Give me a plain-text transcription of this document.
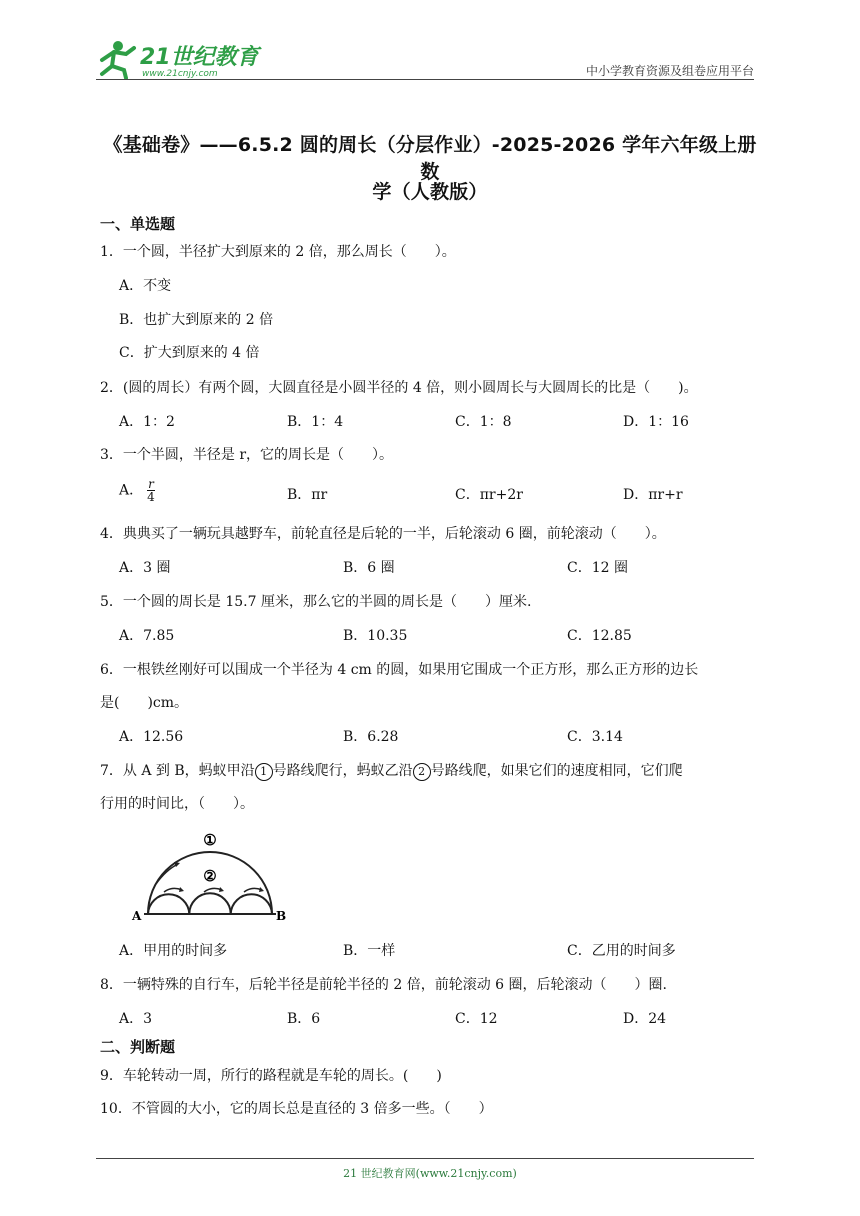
21世纪教育
www.21cnjy.com	中小学教育资源及组卷应用平台
《基础卷》——6.5.2 圆的周长（分层作业）-2025-2026 学年六年级上册数
学（人教版）
一、单选题
1．一个圆，半径扩大到原来的 2 倍，那么周长（　　）。
A．不变
B．也扩大到原来的 2 倍
C．扩大到原来的 4 倍
2．(圆的周长）有两个圆，大圆直径是小圆半径的 4 倍，则小圆周长与大圆周长的比是（　　)。
A．1：2	B．1：4	C．1：8	D．1：16
3．一个半圆，半径是 r，它的周长是（　　）。
A． $\frac{r}{4}$	B．πr	C．πr+2r	D．πr+r
4．典典买了一辆玩具越野车，前轮直径是后轮的一半，后轮滚动 6 圈，前轮滚动（　　）。
A．3 圈	B．6 圈	C．12 圈
5．一个圆的周长是 15.7 厘米，那么它的半圆的周长是（　　）厘米.
A．7.85	B．10.35	C．12.85
6．一根铁丝刚好可以围成一个半径为 4 cm 的圆，如果用它围成一个正方形，那么正方形的边长
是(　　)cm。
A．12.56	B．6.28	C．3.14
7．从 A 到 B，蚂蚁甲沿 1 号路线爬行，蚂蚁乙沿 2 号路线爬，如果它们的速度相同，它们爬
行用的时间比，（　　）。
①
②
A	B
A．甲用的时间多	B．一样	C．乙用的时间多
8．一辆特殊的自行车，后轮半径是前轮半径的 2 倍，前轮滚动 6 圈，后轮滚动（　　）圈.
A．3	B．6	C．12	D．24
二、判断题
9．车轮转动一周，所行的路程就是车轮的周长。(　　)
10．不管圆的大小，它的周长总是直径的 3 倍多一些。（　　）
21 世纪教育网(www.21cnjy.com)
